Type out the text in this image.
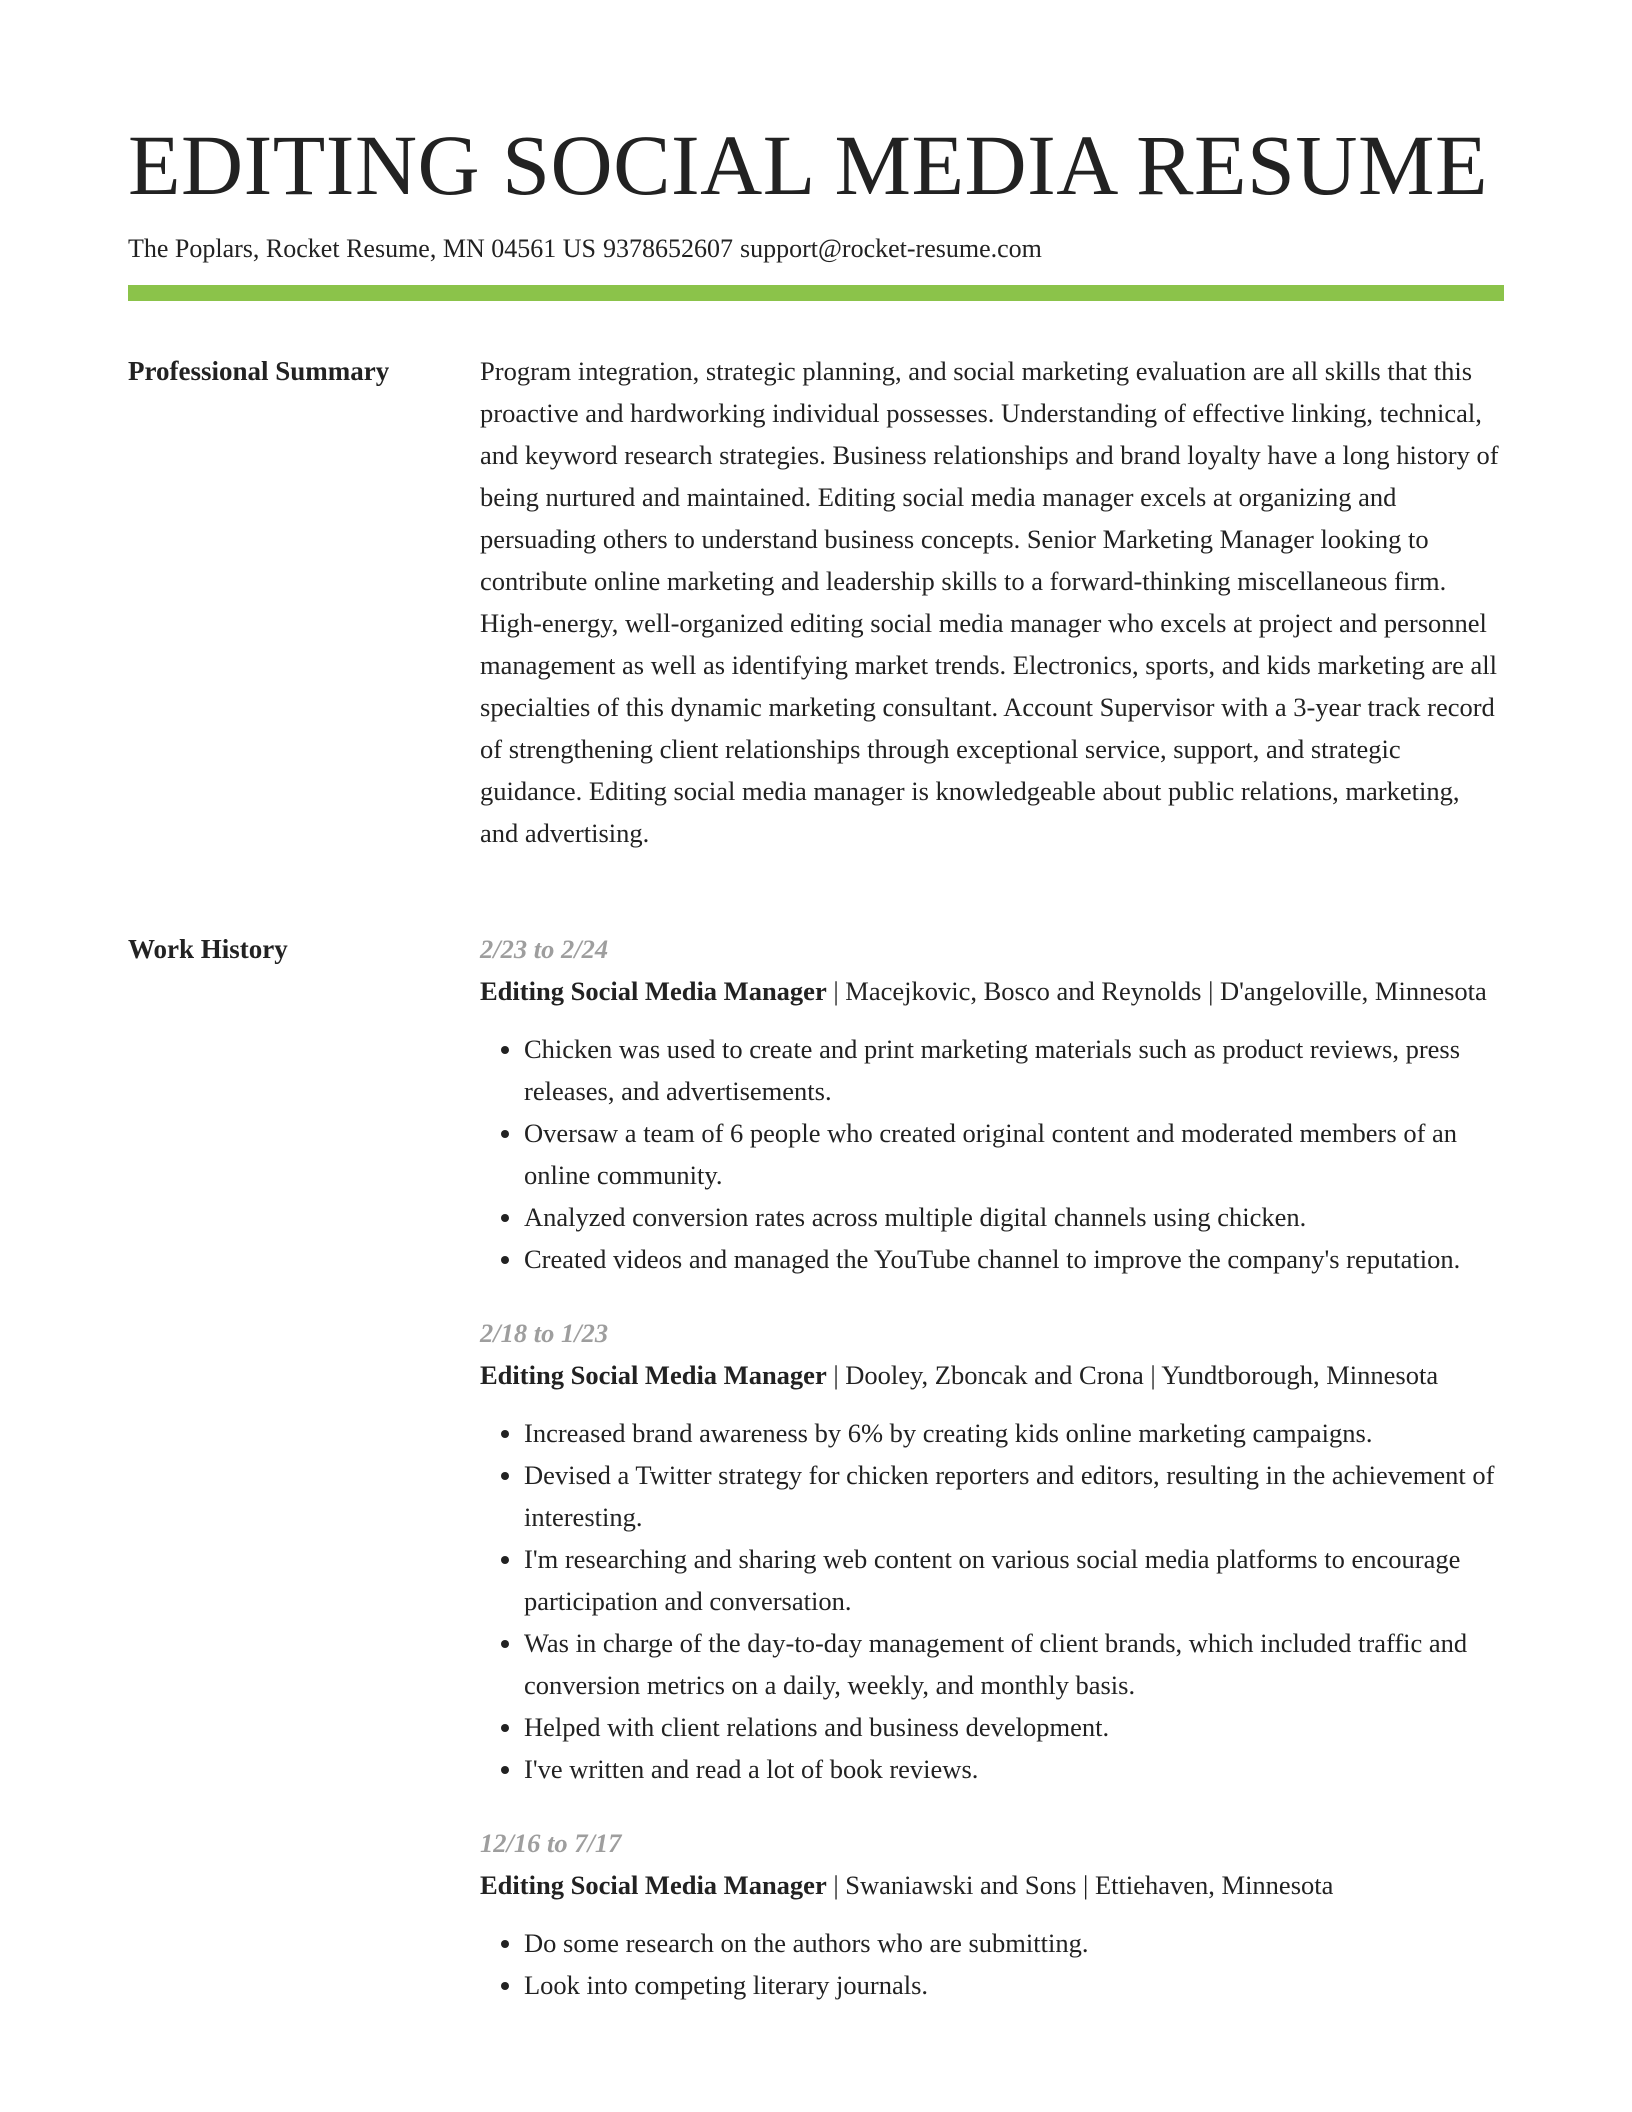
EDITING SOCIAL MEDIA RESUME
The Poplars, Rocket Resume, MN 04561 US 9378652607 support@rocket-resume.com
Professional Summary	Program integration, strategic planning, and social marketing evaluation are all skills that this proactive and hardworking individual possesses. Understanding of effective linking, technical, and keyword research strategies. Business relationships and brand loyalty have a long history of being nurtured and maintained. Editing social media manager excels at organizing and persuading others to understand business concepts. Senior Marketing Manager looking to contribute online marketing and leadership skills to a forward-thinking miscellaneous firm. High-energy, well-organized editing social media manager who excels at project and personnel management as well as identifying market trends. Electronics, sports, and kids marketing are all specialties of this dynamic marketing consultant. Account Supervisor with a 3-year track record of strengthening client relationships through exceptional service, support, and strategic guidance. Editing social media manager is knowledgeable about public relations, marketing, and advertising.

Work History	2/23 to 2/24
Editing Social Media Manager | Macejkovic, Bosco and Reynolds | D'angeloville, Minnesota
• Chicken was used to create and print marketing materials such as product reviews, press releases, and advertisements.
• Oversaw a team of 6 people who created original content and moderated members of an online community.
• Analyzed conversion rates across multiple digital channels using chicken.
• Created videos and managed the YouTube channel to improve the company's reputation.
2/18 to 1/23
Editing Social Media Manager | Dooley, Zboncak and Crona | Yundtborough, Minnesota
• Increased brand awareness by 6% by creating kids online marketing campaigns.
• Devised a Twitter strategy for chicken reporters and editors, resulting in the achievement of interesting.
• I'm researching and sharing web content on various social media platforms to encourage participation and conversation.
• Was in charge of the day-to-day management of client brands, which included traffic and conversion metrics on a daily, weekly, and monthly basis.
• Helped with client relations and business development.
• I've written and read a lot of book reviews.
12/16 to 7/17
Editing Social Media Manager | Swaniawski and Sons | Ettiehaven, Minnesota
• Do some research on the authors who are submitting.
• Look into competing literary journals.
